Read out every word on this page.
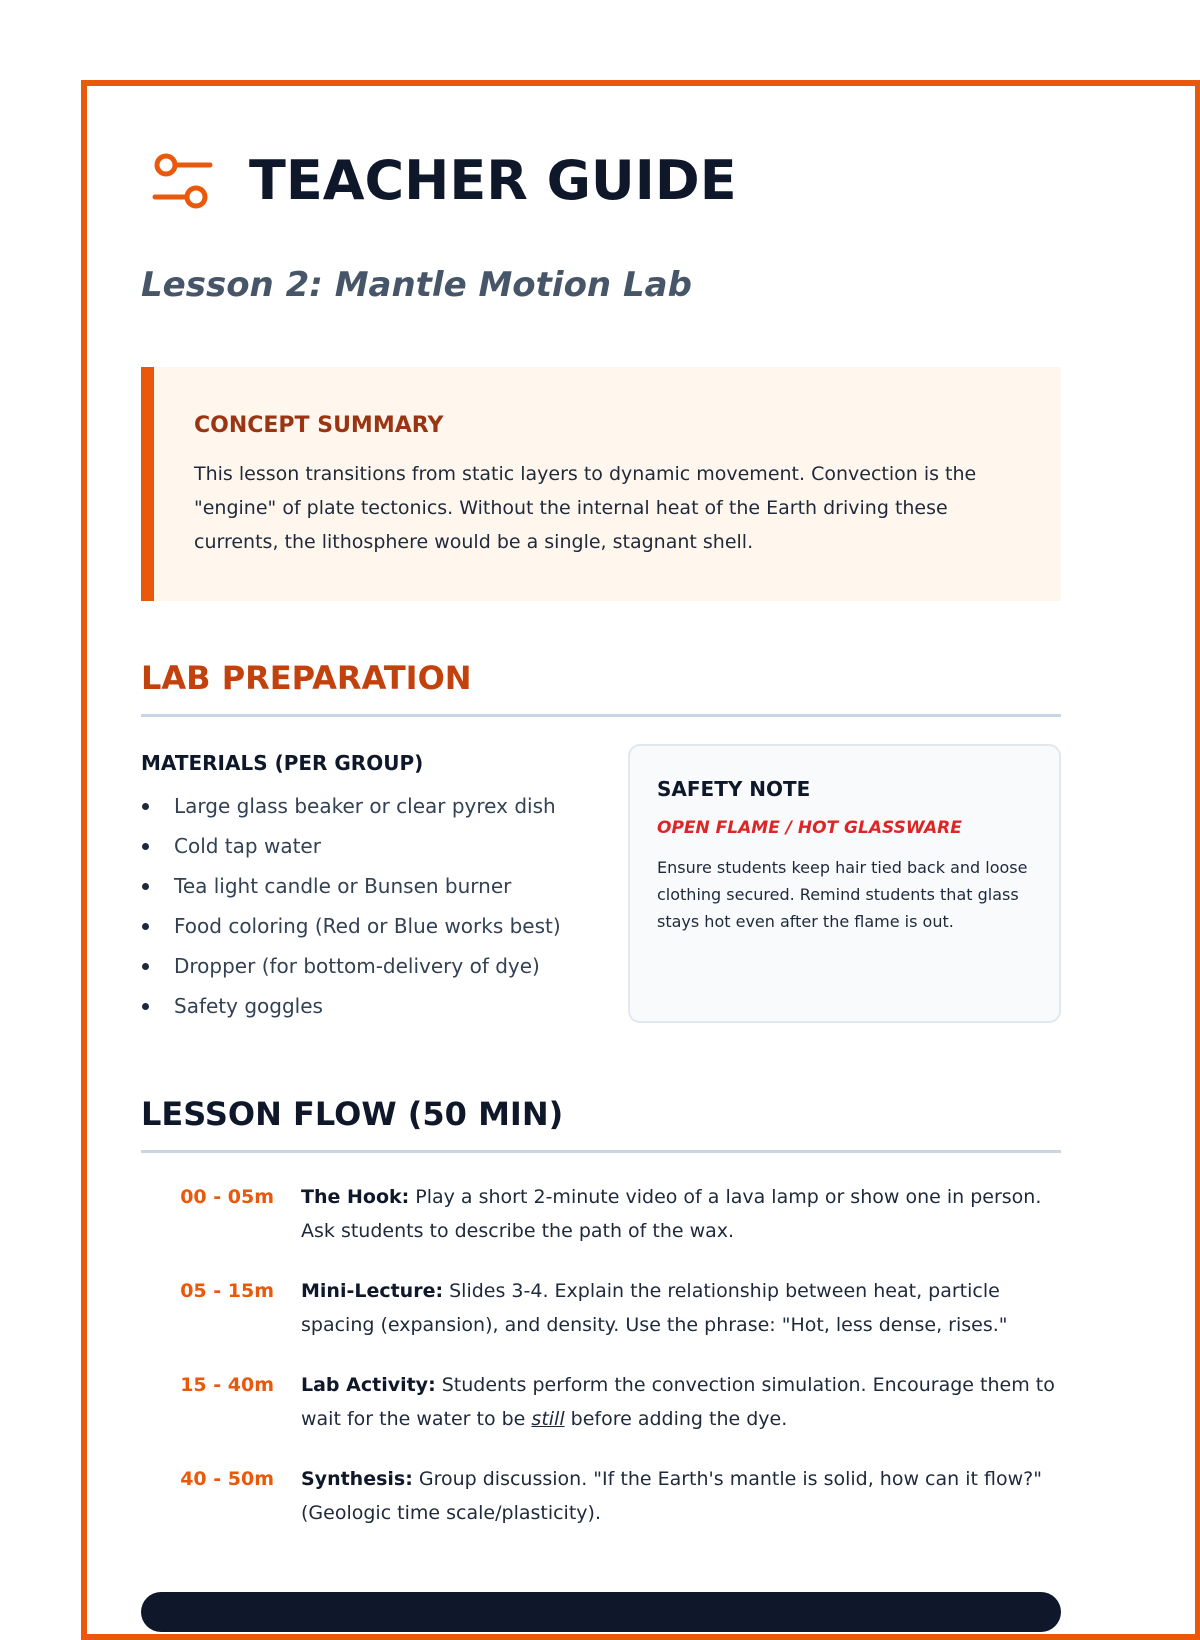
TEACHER GUIDE
Lesson 2: Mantle Motion Lab
CONCEPT SUMMARY

This lesson transitions from static layers to dynamic movement. Convection is the "engine" of plate tectonics. Without the internal heat of the Earth driving these currents, the lithosphere would be a single, stagnant shell.

LAB PREPARATION
MATERIALS (PER GROUP)
Large glass beaker or clear pyrex dish
Cold tap water
Tea light candle or Bunsen burner
Food coloring (Red or Blue works best)
Dropper (for bottom-delivery of dye)
Safety goggles
SAFETY NOTE

OPEN FLAME / HOT GLASSWARE

Ensure students keep hair tied back and loose clothing secured. Remind students that glass stays hot even after the flame is out.

LESSON FLOW (50 MIN)
00 - 05m	The Hook: Play a short 2-minute video of a lava lamp or show one in person. Ask students to describe the path of the wax.

05 - 15m	Mini-Lecture: Slides 3-4. Explain the relationship between heat, particle spacing (expansion), and density. Use the phrase: "Hot, less dense, rises."

15 - 40m	Lab Activity: Students perform the convection simulation. Encourage them to wait for the water to be still before adding the dye.

40 - 50m	Synthesis: Group discussion. "If the Earth's mantle is solid, how can it flow?" (Geologic time scale/plasticity).
